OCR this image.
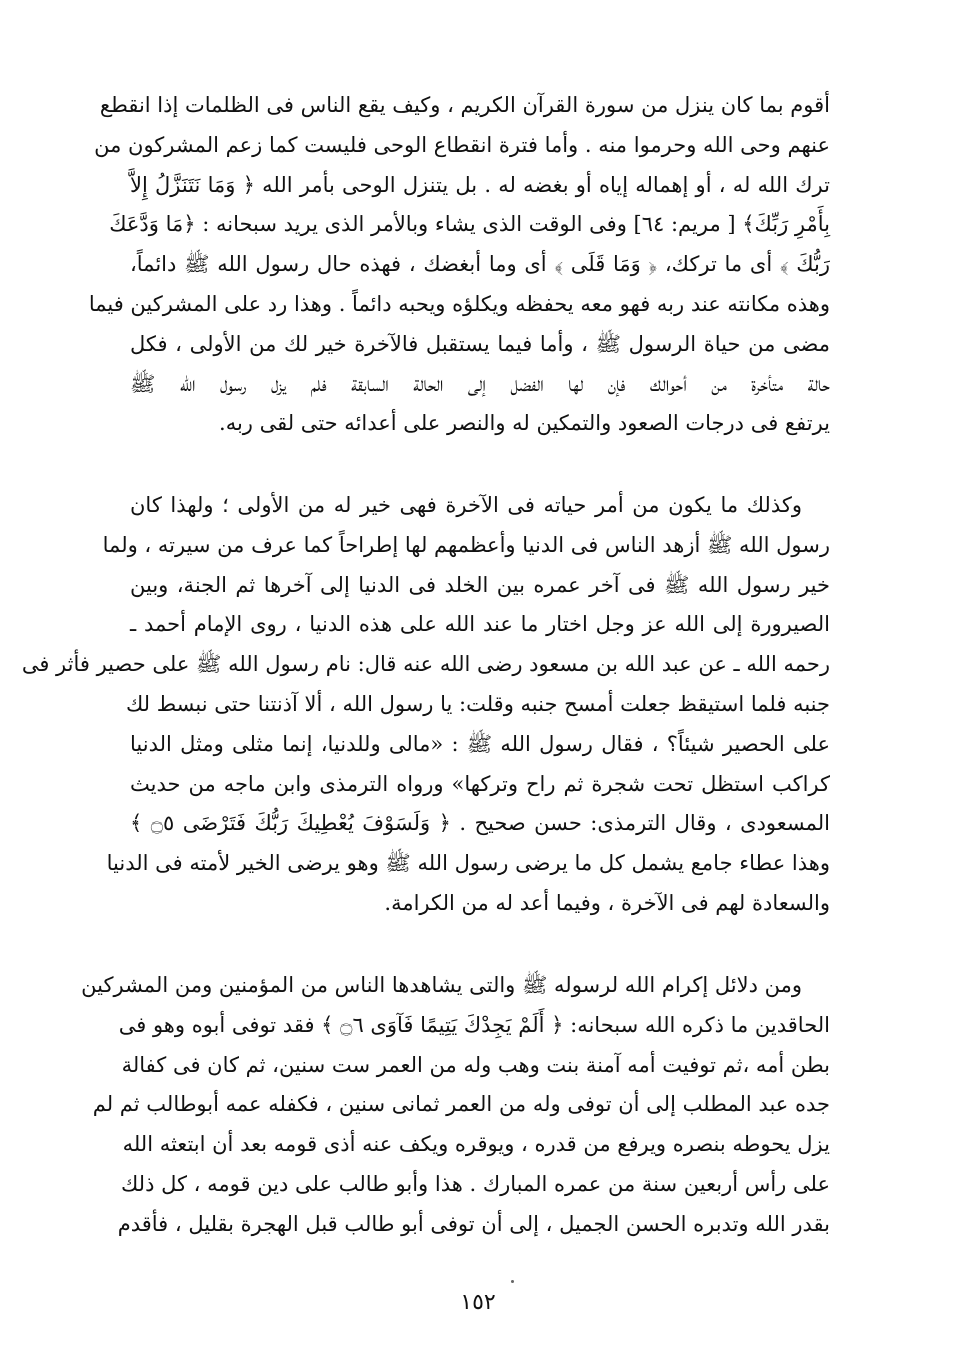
أقوم بما كان ينزل من سورة القرآن الكريم ، وكيف يقع الناس فى الظلمات إذا انقطع
عنهم وحى الله وحرموا منه . وأما فترة انقطاع الوحى فليست كما زعم المشركون من
ترك الله له ، أو إهماله إياه أو بغضه له . بل يتنزل الوحى بأمر الله ﴿ وَمَا نَتَنَزَّلُ إِلاَّ
بِأَمْرِ رَبِّكَ﴾ [ مريم: ٦٤] وفى الوقت الذى يشاء وبالأمر الذى يريد سبحانه : ﴿مَا وَدَّعَكَ
رَبُّكَ ﴾ أى ما تركك، ﴿ وَمَا قَلَى ﴾ أى وما أبغضك ، فهذه حال رسول الله ﷺ دائماً،
وهذه مكانته عند ربه فهو معه يحفظه ويكلؤه ويحبه دائماً . وهذا رد على المشركين فيما
مضى من حياة الرسول ﷺ ، وأما فيما يستقبل فالآخرة خير لك من الأولى ، فكل
حالة متأخرة من أحوالك فإن لها الفضل إلى الحالة السابقة فلم يزل رسول الله ﷺ
يرتفع فى درجات الصعود والتمكين له والنصر على أعدائه حتى لقى ربه.

وكذلك ما يكون من أمر حياته فى الآخرة فهى خير له من الأولى ؛ ولهذا كان
رسول الله ﷺ أزهد الناس فى الدنيا وأعظمهم لها إطراحاً كما عرف من سيرته ، ولما
خير رسول الله ﷺ فى آخر عمره بين الخلد فى الدنيا إلى آخرها ثم الجنة، وبين
الصيرورة إلى الله عز وجل اختار ما عند الله على هذه الدنيا ، روى الإمام أحمد ـ
رحمه الله ـ عن عبد الله بن مسعود رضى الله عنه قال: نام رسول الله ﷺ على حصير فأثر فى
جنبه فلما استيقظ جعلت أمسح جنبه وقلت: يا رسول الله ، ألا آذنتنا حتى نبسط لك
على الحصير شيئاً؟ ، فقال رسول الله ﷺ : «مالى وللدنيا، إنما مثلى ومثل الدنيا
كراكب استظل تحت شجرة ثم راح وتركها» ورواه الترمذى وابن ماجه من حديث
المسعودى ، وقال الترمذى: حسن صحيح . ﴿ وَلَسَوْفَ يُعْطِيكَ رَبُّكَ فَتَرْضَى ۝٥ ﴾
وهذا عطاء جامع يشمل كل ما يرضى رسول الله ﷺ وهو يرضى الخير لأمته فى الدنيا
والسعادة لهم فى الآخرة ، وفيما أعد له من الكرامة.

ومن دلائل إكرام الله لرسوله ﷺ والتى يشاهدها الناس من المؤمنين ومن المشركين
الحاقدين ما ذكره الله سبحانه: ﴿ أَلَمْ يَجِدْكَ يَتِيمًا فَآوَى ۝٦ ﴾ فقد توفى أبوه وهو فى
بطن أمه ،ثم توفيت أمه آمنة بنت وهب وله من العمر ست سنين، ثم كان فى كفالة
جده عبد المطلب إلى أن توفى وله من العمر ثمانى سنين ، فكفله عمه أبوطالب ثم لم
يزل يحوطه بنصره ويرفع من قدره ، ويوقره ويكف عنه أذى قومه بعد أن ابتعثه الله
على رأس أربعين سنة من عمره المبارك . هذا وأبو طالب على دين قومه ، كل ذلك
بقدر الله وتدبره الحسن الجميل ، إلى أن توفى أبو طالب قبل الهجرة بقليل ، فأقدم

١٥٢
